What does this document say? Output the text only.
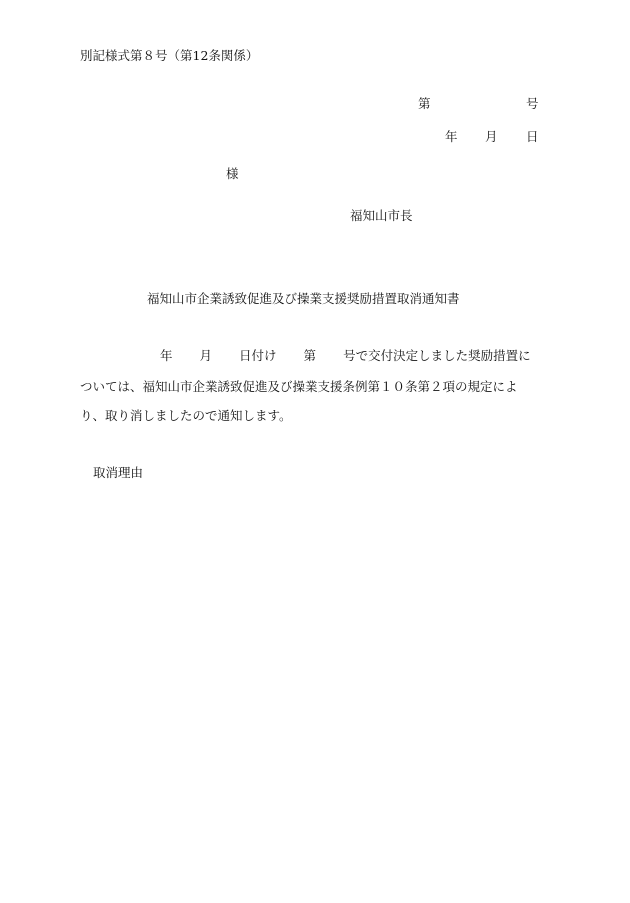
別記様式第８号（第12条関係）
第	号
年 月 日
様
福知山市長
福知山市企業誘致促進及び操業支援奨励措置取消通知書
年 月 日付け 第 号で交付決定しました奨励措置に
ついては、福知山市企業誘致促進及び操業支援条例第１０条第２項の規定によ
り、取り消しましたので通知します。
取消理由
